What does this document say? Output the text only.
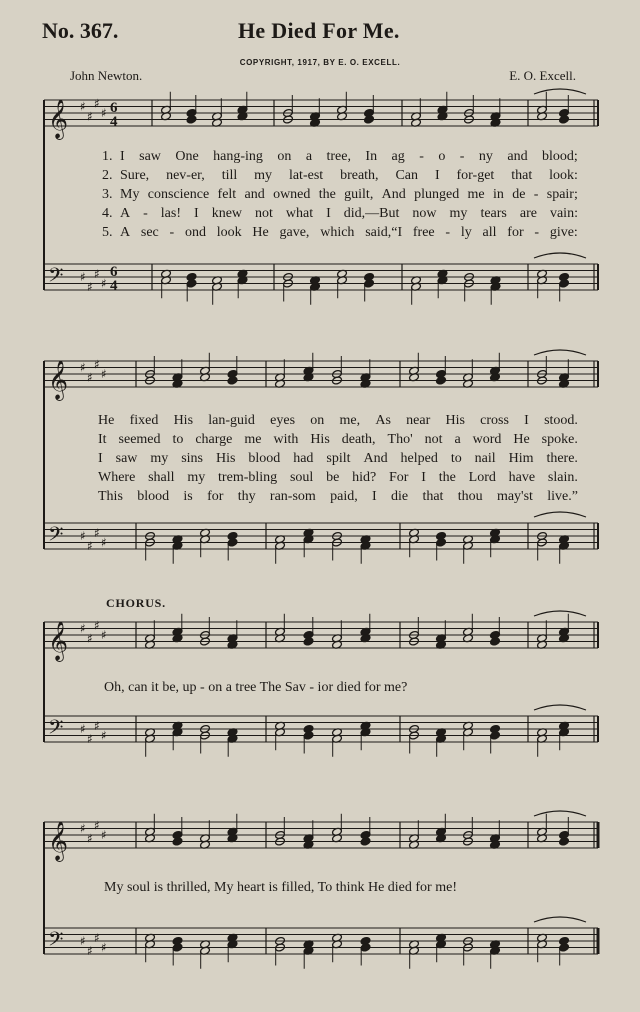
No. 367.	He Died For Me.
COPYRIGHT, 1917, BY E. O. EXCELL.
John Newton.	E. O. Excell.
𝄞
𝄢
♯
♯
♯
♯
♯
♯
♯
♯
6
4
6
4
𝄞
𝄢
♯
♯
♯
♯
♯
♯
♯
♯
𝄞
𝄢
♯
♯
♯
♯
♯
♯
♯
♯
𝄞
𝄢
♯
♯
♯
♯
♯
♯
♯
♯
1. I saw One hang-ing on a tree, In ag - o - ny and blood;
2. Sure, nev-er, till my lat-est breath, Can I for-get that look:
3. My conscience felt and owned the guilt, And plunged me in de - spair;
4. A - las! I knew not what I did,—But now my tears are vain:
5. A sec - ond look He gave, which said,“I free - ly all for - give:
He fixed His lan-guid eyes on me, As near His cross I stood.
It seemed to charge me with His death, Tho' not a word He spoke.
I saw my sins His blood had spilt And helped to nail Him there.
Where shall my trem-bling soul be hid? For I the Lord have slain.
This blood is for thy ran-som paid, I die that thou may'st live.”
CHORUS.
Oh, can it be, up - on a tree The Sav - ior died for me?
My soul is thrilled, My heart is filled, To think He died for me!
